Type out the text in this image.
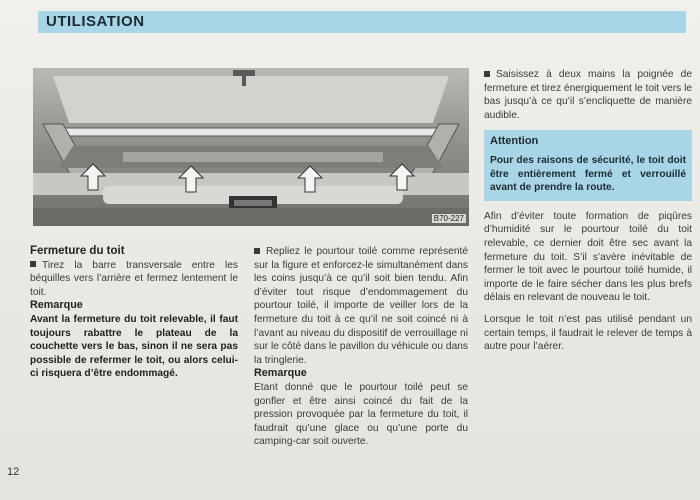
UTILISATION
B70-227

Fermeture du toit

Tirez la barre transversale entre les béquilles vers l’arrière et fermez lentement le toit.

Remarque

Avant la fermeture du toit relevable, il faut toujours rabattre le plateau de la couchette vers le bas, sinon il ne sera pas possible de refermer le toit, ou alors celui-ci risquera d’être endommagé.

Repliez le pourtour toilé comme représenté sur la figure et enforcez-le simultanément dans les coins jusqu’à ce qu’il soit bien tendu. Afin d’éviter tout risque d’endommagement du pourtour toilé, il importe de veiller lors de la fermeture du toit à ce qu’il ne soit coincé ni à l’avant au niveau du dispositif de verrouillage ni sur le côté dans le pavillon du véhicule ou dans la tringlerie.

Remarque

Etant donné que le pourtour toilé peut se gonfler et être ainsi coincé du fait de la pression provoquée par la fermeture du toit, il faudrait qu’une glace ou qu’une porte du camping-car soit ouverte.

Saisissez à deux mains la poignée de fermeture et tirez énergiquement le toit vers le bas jusqu’à ce qu’il s’encliquette de manière audible.

Attention
Pour des raisons de sécurité, le toit doit être entièrement fermé et verrouillé avant de prendre la route.

Afin d’éviter toute formation de piqûres d’humidité sur le pourtour toilé du toit relevable, ce dernier doit être sec avant la fermeture du toit. S’il s’avère inévitable de fermer le toit avec le pourtour toilé humide, il importe de le faire sécher dans les plus brefs délais en relevant de nouveau le toit.

Lorsque le toit n’est pas utilisé pendant un certain temps, il faudrait le relever de temps à autre pour l’aérer.

12
